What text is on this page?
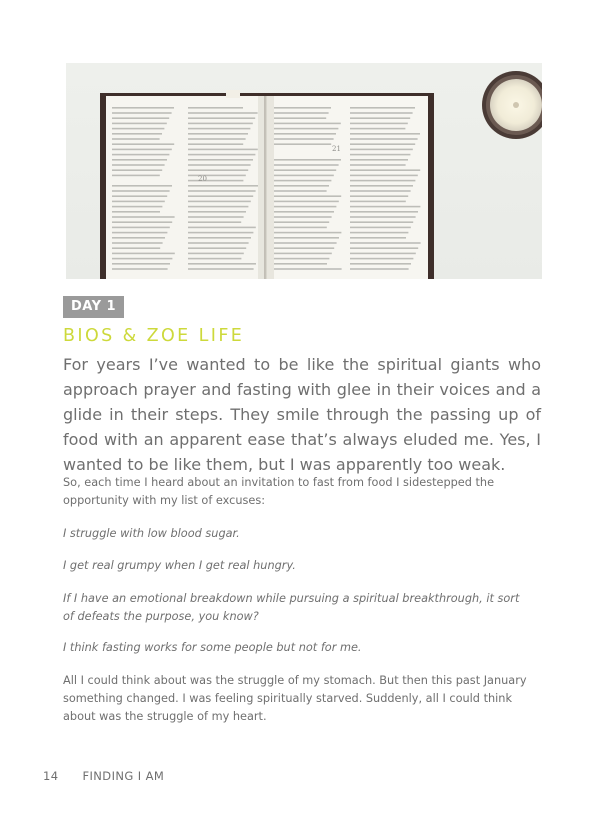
20
21
DAY 1
BIOS & ZOE LIFE

For years I’ve wanted to be like the spiritual giants who approach prayer and fasting with glee in their voices and a glide in their steps. They smile through the passing up of food with an apparent ease that’s always eluded me. Yes, I wanted to be like them, but I was apparently too weak.

So, each time I heard about an invitation to fast from food I sidestepped the opportunity with my list of excuses:

I struggle with low blood sugar.

I get real grumpy when I get real hungry.

If I have an emotional breakdown while pursuing a spiritual breakthrough, it sort of defeats the purpose, you know?

I think fasting works for some people but not for me.

All I could think about was the struggle of my stomach. But then this past January something changed. I was feeling spiritually starved. Suddenly, all I could think about was the struggle of my heart.

14 FINDING I AM
